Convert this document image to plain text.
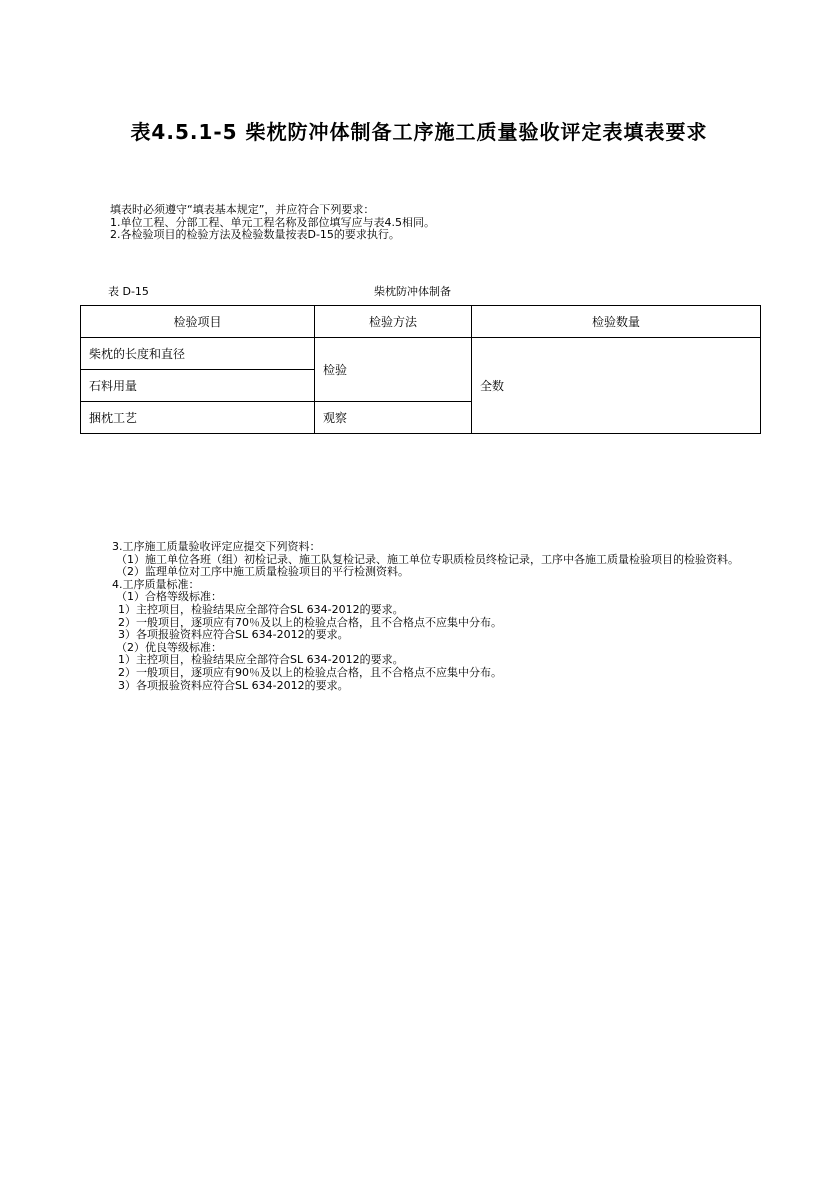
表4.5.1-5 柴枕防冲体制备工序施工质量验收评定表填表要求
填表时必须遵守“填表基本规定”，并应符合下列要求：
1.单位工程、分部工程、单元工程名称及部位填写应与表4.5相同。
2.各检验项目的检验方法及检验数量按表D-15的要求执行。
表 D-15	柴枕防冲体制备
检验项目	检验方法	检验数量
柴枕的长度和直径	检验	全数
石料用量		
捆枕工艺	观察	
3.工序施工质量验收评定应提交下列资料：
（1）施工单位各班（组）初检记录、施工队复检记录、施工单位专职质检员终检记录，工序中各施工质量检验项目的检验资料。
（2）监理单位对工序中施工质量检验项目的平行检测资料。
4.工序质量标准：
（1）合格等级标准：
1）主控项目，检验结果应全部符合SL 634-2012的要求。
2）一般项目，逐项应有70％及以上的检验点合格，且不合格点不应集中分布。
3）各项报验资料应符合SL 634-2012的要求。
（2）优良等级标准：
1）主控项目，检验结果应全部符合SL 634-2012的要求。
2）一般项目，逐项应有90％及以上的检验点合格，且不合格点不应集中分布。
3）各项报验资料应符合SL 634-2012的要求。
